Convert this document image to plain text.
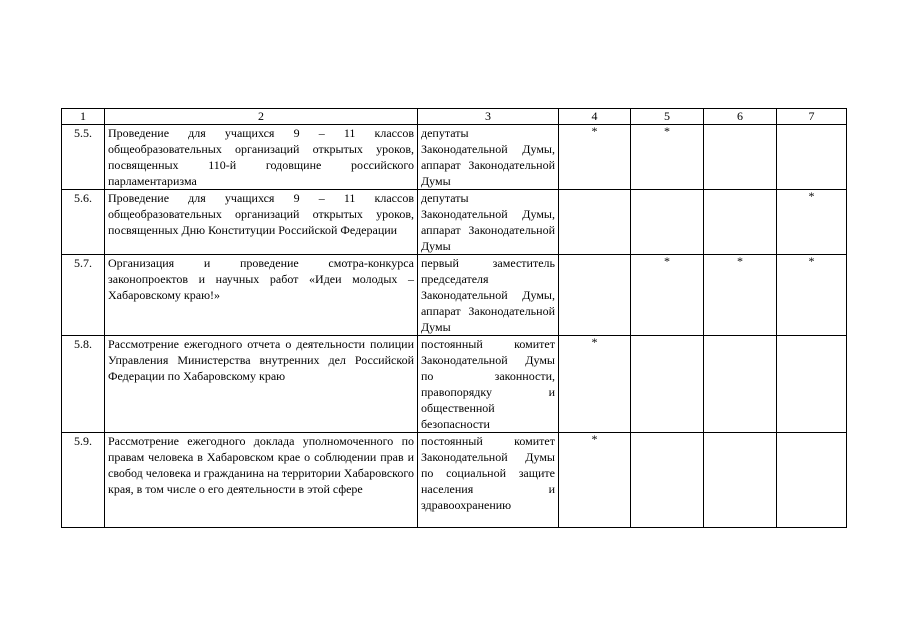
1	2	3	4	5	6	7
5.5.	Проведение для учащихся 9 – 11 классов общеобразовательных организаций открытых уроков, посвященных 110-й годовщине российского парламентаризма	депутаты Законодательной Думы, аппарат Законодательной Думы	*	*		
5.6.	Проведение для учащихся 9 – 11 классов общеобразовательных организаций открытых уроков, посвященных Дню Конституции Российской Федерации	депутаты Законодательной Думы, аппарат Законодательной Думы				*
5.7.	Организация и проведение смотра-конкурса законопроектов и научных работ «Идеи молодых – Хабаровскому краю!»	первый заместитель председателя Законодательной Думы, аппарат Законодательной Думы		*	*	*
5.8.	Рассмотрение ежегодного отчета о деятельности полиции Управления Министерства внутренних дел Российской Федерации по Хабаровскому краю	постоянный комитет Законодательной Думы по законности, правопорядку и общественной безопасности	*			
5.9.	Рассмотрение ежегодного доклада уполномоченного по правам человека в Хабаровском крае о соблюдении прав и свобод человека и гражданина на территории Хабаровского края, в том числе о его деятельности в этой сфере	постоянный комитет Законодательной Думы по социальной защите населения и здравоохранению	*			
